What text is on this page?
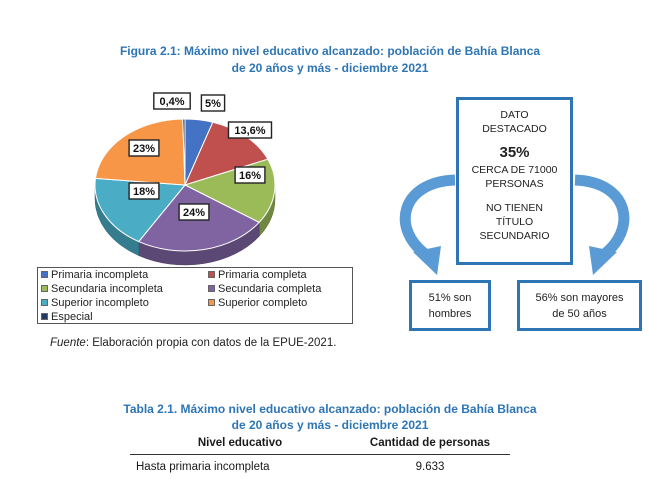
Figura 2.1: Máximo nivel educativo alcanzado: población de Bahía Blanca
de 20 años y más - diciembre 2021
5%
13,6%
16%
24%
18%
23%
0,4%
Primaria incompleta	Primaria completa
Secundaria incompleta	Secundaria completa
Superior incompleto	Superior completo
Especial
Fuente: Elaboración propia con datos de la EPUE-2021.
DATO
DESTACADO
35%
CERCA DE 71000
PERSONAS
NO TIENEN
TÍTULO
SECUNDARIO
51% son
hombres
56% son mayores
de 50 años
Tabla 2.1. Máximo nivel educativo alcanzado: población de Bahía Blanca
de 20 años y más - diciembre 2021
Nivel educativo	Cantidad de personas
Hasta primaria incompleta	9.633
